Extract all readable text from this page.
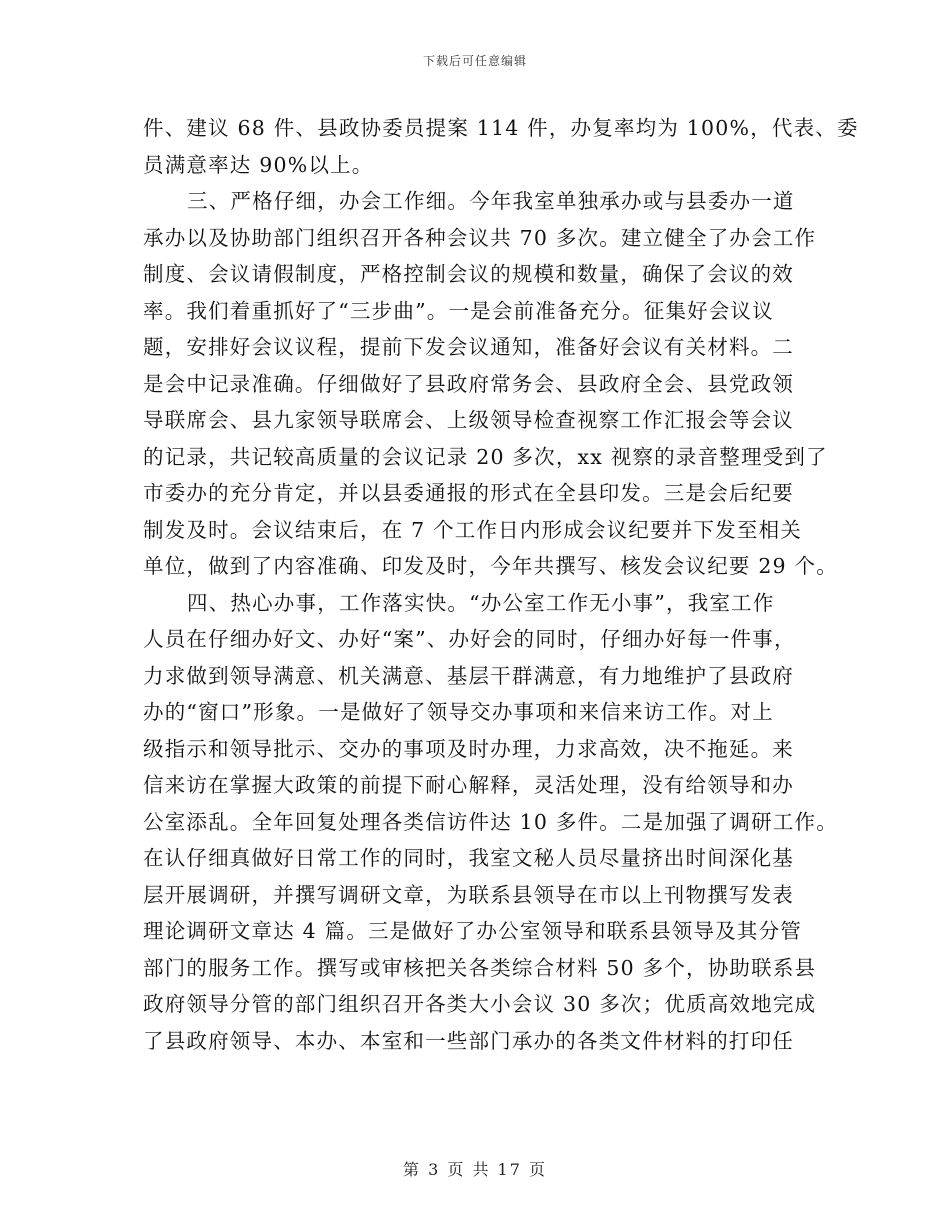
下载后可任意编辑
件、建议 68 件、县政协委员提案 114 件，办复率均为 100%，代表、委
员满意率达 90%以上。
三、严格仔细，办会工作细。今年我室单独承办或与县委办一道
承办以及协助部门组织召开各种会议共 70 多次。建立健全了办会工作
制度、会议请假制度，严格控制会议的规模和数量，确保了会议的效
率。我们着重抓好了“三步曲”。一是会前准备充分。征集好会议议
题，安排好会议议程，提前下发会议通知，准备好会议有关材料。二
是会中记录准确。仔细做好了县政府常务会、县政府全会、县党政领
导联席会、县九家领导联席会、上级领导检查视察工作汇报会等会议
的记录，共记较高质量的会议记录 20 多次，xx 视察的录音整理受到了
市委办的充分肯定，并以县委通报的形式在全县印发。三是会后纪要
制发及时。会议结束后，在 7 个工作日内形成会议纪要并下发至相关
单位，做到了内容准确、印发及时，今年共撰写、核发会议纪要 29 个。
四、热心办事，工作落实快。“办公室工作无小事”，我室工作
人员在仔细办好文、办好“案”、办好会的同时，仔细办好每一件事，
力求做到领导满意、机关满意、基层干群满意，有力地维护了县政府
办的“窗口”形象。一是做好了领导交办事项和来信来访工作。对上
级指示和领导批示、交办的事项及时办理，力求高效，决不拖延。来
信来访在掌握大政策的前提下耐心解释，灵活处理，没有给领导和办
公室添乱。全年回复处理各类信访件达 10 多件。二是加强了调研工作。
在认仔细真做好日常工作的同时，我室文秘人员尽量挤出时间深化基
层开展调研，并撰写调研文章，为联系县领导在市以上刊物撰写发表
理论调研文章达 4 篇。三是做好了办公室领导和联系县领导及其分管
部门的服务工作。撰写或审核把关各类综合材料 50 多个，协助联系县
政府领导分管的部门组织召开各类大小会议 30 多次；优质高效地完成
了县政府领导、本办、本室和一些部门承办的各类文件材料的打印任
第 3 页 共 17 页
